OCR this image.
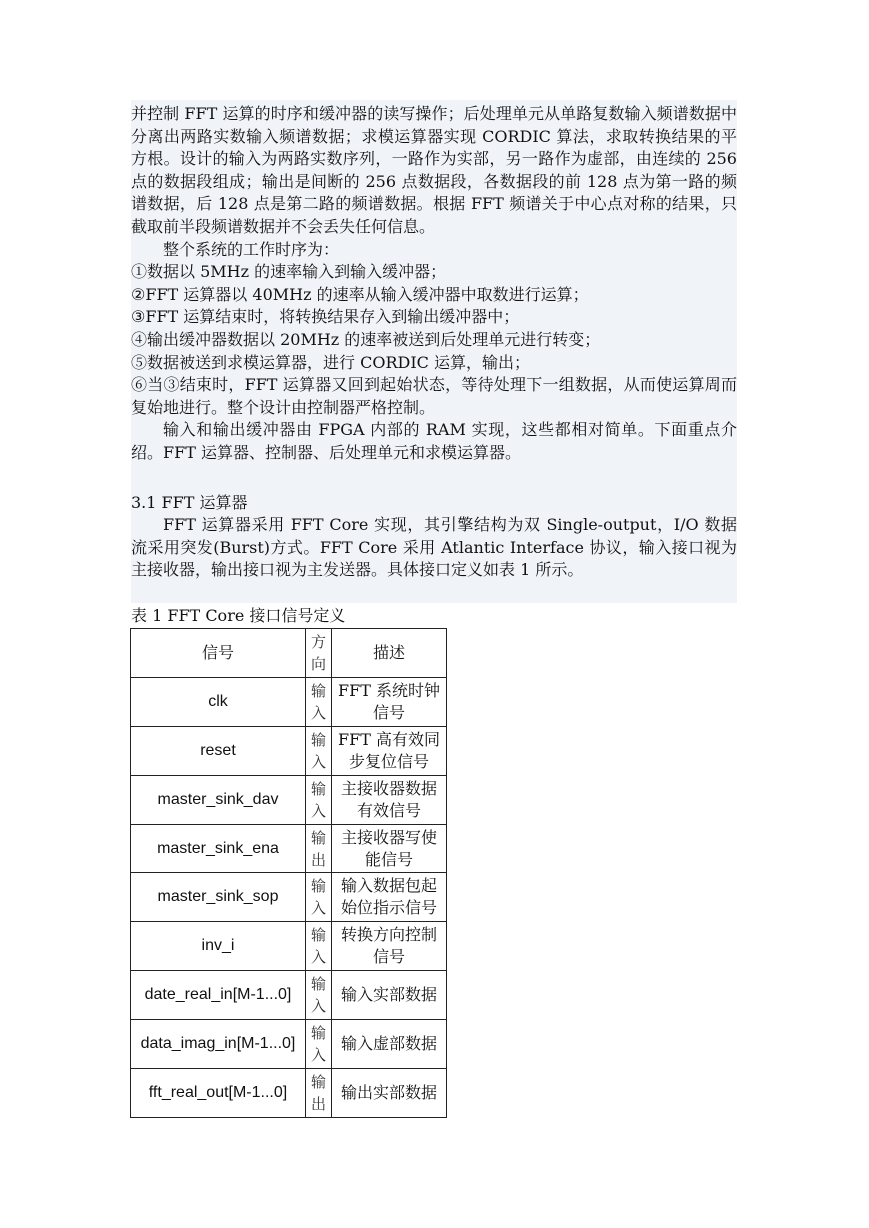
并控制 FFT 运算的时序和缓冲器的读写操作；后处理单元从单路复数输入频谱数据中分离出两路实数输入频谱数据；求模运算器实现 CORDIC 算法，求取转换结果的平方根。设计的输入为两路实数序列，一路作为实部，另一路作为虚部，由连续的 256 点的数据段组成；输出是间断的 256 点数据段，各数据段的前 128 点为第一路的频谱数据，后 128 点是第二路的频谱数据。根据 FFT 频谱关于中心点对称的结果，只截取前半段频谱数据并不会丢失任何信息。

整个系统的工作时序为：

①数据以 5MHz 的速率输入到输入缓冲器；

②FFT 运算器以 40MHz 的速率从输入缓冲器中取数进行运算；

③FFT 运算结束时，将转换结果存入到输出缓冲器中；

④输出缓冲器数据以 20MHz 的速率被送到后处理单元进行转变；

⑤数据被送到求模运算器，进行 CORDIC 运算，输出；

⑥当③结束时，FFT 运算器又回到起始状态，等待处理下一组数据，从而使运算周而复始地进行。整个设计由控制器严格控制。

输入和输出缓冲器由 FPGA 内部的 RAM 实现，这些都相对简单。下面重点介绍。FFT 运算器、控制器、后处理单元和求模运算器。

3.1 FFT 运算器

FFT 运算器采用 FFT Core 实现，其引擎结构为双 Single-output，I/O 数据流采用突发(Burst)方式。FFT Core 采用 Atlantic Interface 协议，输入接口视为主接收器，输出接口视为主发送器。具体接口定义如表 1 所示。

表 1 FFT Core 接口信号定义
信号	方向	描述
clk	输入	FFT 系统时钟信号
reset	输入	FFT 高有效同步复位信号
master_sink_dav	输入	主接收器数据有效信号
master_sink_ena	输出	主接收器写使能信号
master_sink_sop	输入	输入数据包起始位指示信号
inv_i	输入	转换方向控制信号
date_real_in[M-1...0]	输入	输入实部数据
data_imag_in[M-1...0]	输入	输入虚部数据
fft_real_out[M-1...0]	输出	输出实部数据
